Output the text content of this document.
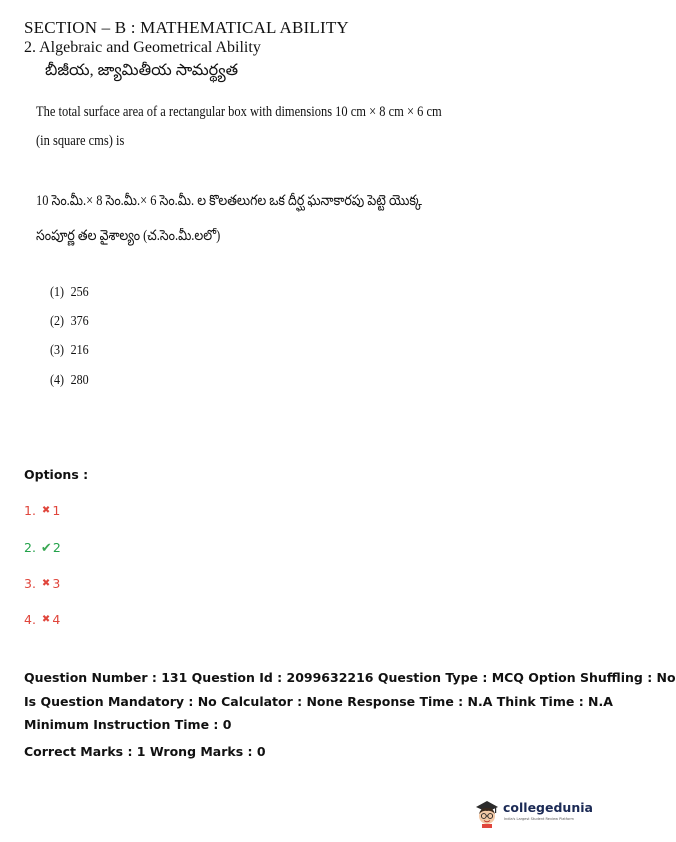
SECTION – B : MATHEMATICAL ABILITY
2. Algebraic and Geometrical Ability
బీజీయ, జ్యామితీయ సామర్థ్యత
The total surface area of a rectangular box with dimensions 10 cm × 8 cm × 6 cm
(in square cms) is
10 సెం.మీ.× 8 సెం.మీ.× 6 సెం.మీ. ల కొలతలుగల ఒక దీర్ఘ ఘనాకారపు పెట్టె యొక్క
సంపూర్ణ తల వైశాల్యం (చ.సెం.మీ.లలో)
(1) 256
(2) 376
(3) 216
(4) 280
Options :
1. ✖ 1
2. ✔2
3. ✖ 3
4. ✖ 4
Question Number : 131 Question Id : 2099632216 Question Type : MCQ Option Shuffling : No
Is Question Mandatory : No Calculator : None Response Time : N.A Think Time : N.A
Minimum Instruction Time : 0
Correct Marks : 1 Wrong Marks : 0
collegedunia
India's Largest Student Review Platform
